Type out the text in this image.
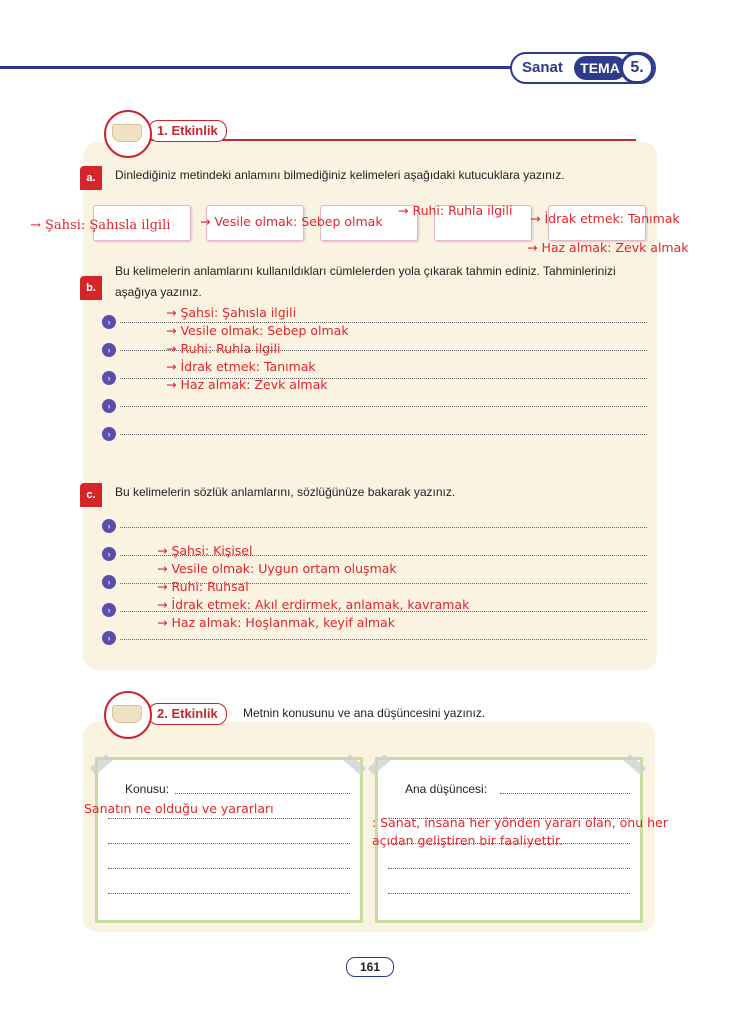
Sanat	TEMA 5.
1. Etkinlik
a.	Dinlediğiniz metindeki anlamını bilmediğiniz kelimeleri aşağıdaki kutucuklara yazınız.
→ Şahsi: Şahısla ilgili → Vesile olmak: Sebep olmak
→ Ruhi: Ruhla ilgili
→ İdrak etmek: Tanımak
→ Haz almak: Zevk almak
b.
Bu kelimelerin anlamlarını kullanıldıkları cümlelerden yola çıkarak tahmin ediniz. Tahminlerinizi
aşağıya yazınız.
›
›
›
›
›
→ Şahsi: Şahısla ilgili
→ Vesile olmak: Sebep olmak
→ Ruhi: Ruhla ilgili
→ İdrak etmek: Tanımak
→ Haz almak: Zevk almak
c.	Bu kelimelerin sözlük anlamlarını, sözlüğünüze bakarak yazınız.
›
›
›
›
›
→ Şahsi: Kişisel
→ Vesile olmak: Uygun ortam oluşmak
→ Ruhi: Ruhsal
→ İdrak etmek: Akıl erdirmek, anlamak, kavramak
→ Haz almak: Hoşlanmak, keyif almak
2. Etkinlik	Metnin konusunu ve ana düşüncesini yazınız.
Konusu:
Sanatın ne olduğu ve yararları
Ana düşüncesi:
: Sanat, insana her yönden yararı olan, onu her
açıdan geliştiren bir faaliyettir.
161
